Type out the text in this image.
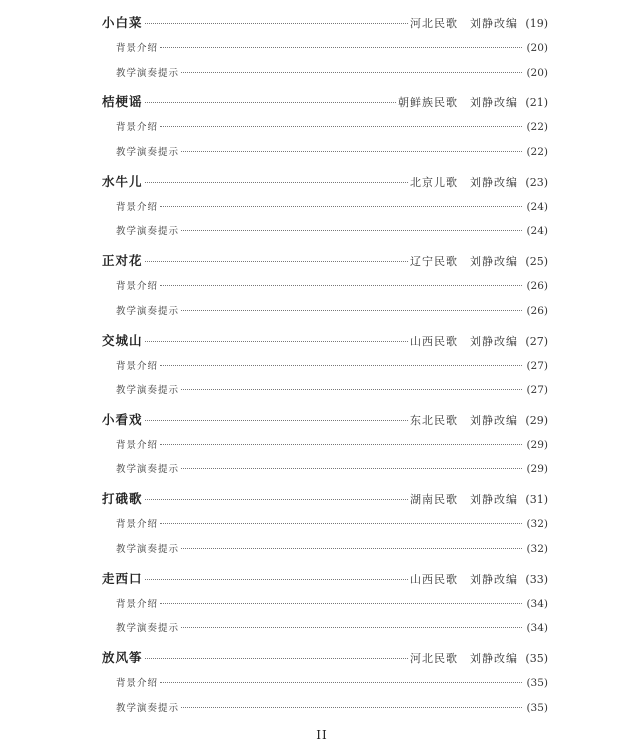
小白菜	河北民歌　刘静改编 (19)
背景介绍	(20)
教学演奏提示	(20)
桔梗谣	朝鲜族民歌　刘静改编 (21)
背景介绍	(22)
教学演奏提示	(22)
水牛儿	北京儿歌　刘静改编 (23)
背景介绍	(24)
教学演奏提示	(24)
正对花	辽宁民歌　刘静改编 (25)
背景介绍	(26)
教学演奏提示	(26)
交城山	山西民歌　刘静改编 (27)
背景介绍	(27)
教学演奏提示	(27)
小看戏	东北民歌　刘静改编 (29)
背景介绍	(29)
教学演奏提示	(29)
打硪歌	湖南民歌　刘静改编 (31)
背景介绍	(32)
教学演奏提示	(32)
走西口	山西民歌　刘静改编 (33)
背景介绍	(34)
教学演奏提示	(34)
放风筝	河北民歌　刘静改编 (35)
背景介绍	(35)
教学演奏提示	(35)
II
